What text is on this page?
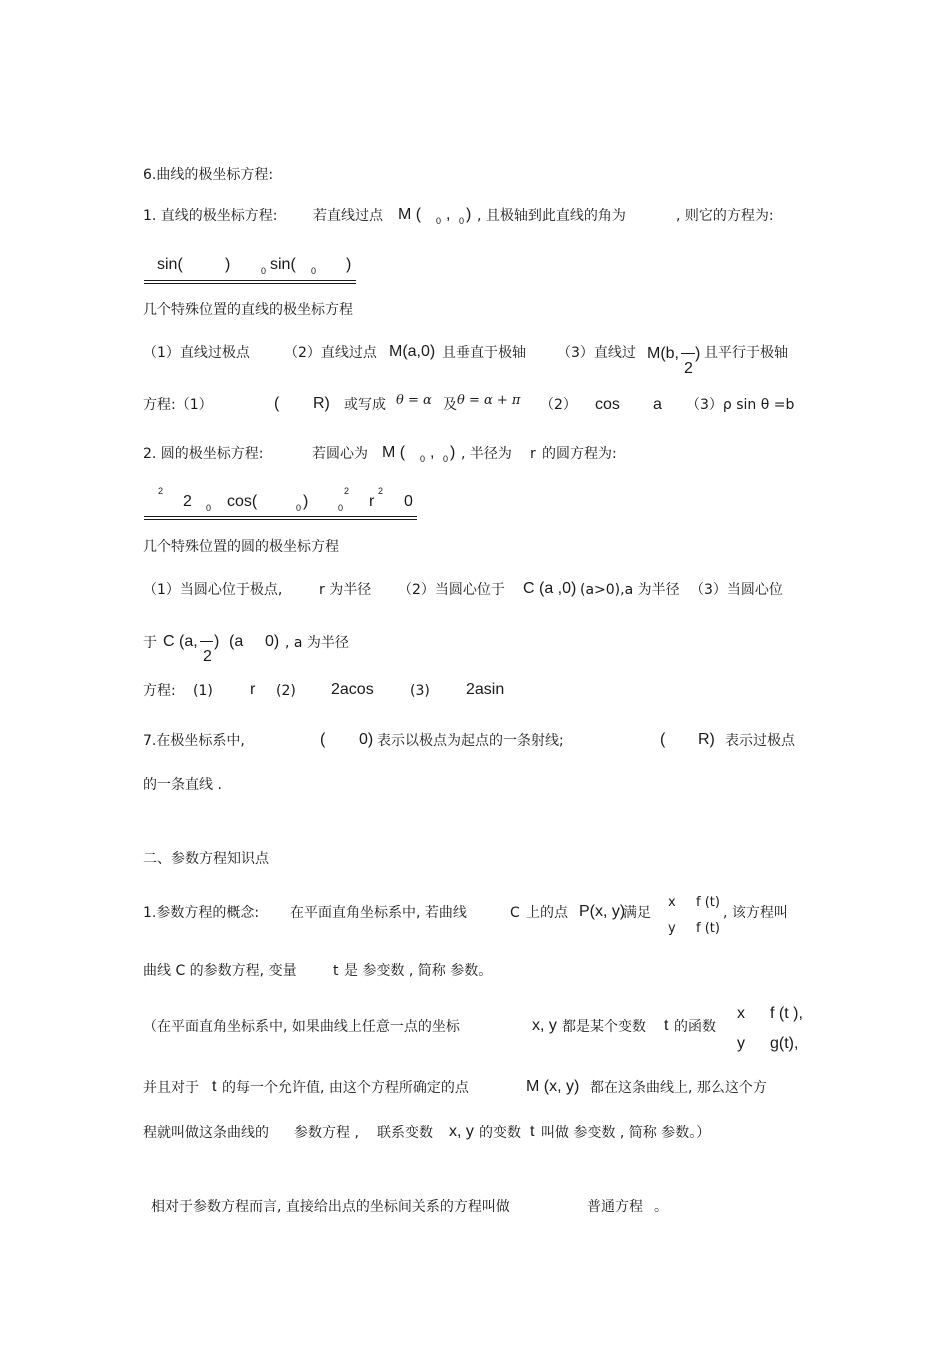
6.曲线的极坐标方程:
1. 直线的极坐标方程:	若直线过点 M ( 0 , 0 ) , 且极轴到此直线的角为	, 则它的方程为:
sin(	)	0 sin( 0 )
几个特殊位置的直线的极坐标方程
（1）直线过极点 （2）直线过点 M(a,0) 且垂直于极轴 （3）直线过 M(b,
2
) 且平行于极轴
方程:（1）	( R) 或写成 θ = α 及 θ = α + π （2） cos a （3）ρ sin θ =b
2. 圆的极坐标方程:	若圆心为 M ( 0 , 0 ) , 半径为 r 的圆方程为:
2
2 0 cos(	0 )
2
0 r
2
0
几个特殊位置的圆的极坐标方程
（1）当圆心位于极点,	r 为半径 （2）当圆心位于 C (a ,0) (a>0),a 为半径 （3）当圆心位
于 C (a,
2
) (a 0) , a 为半径
方程: (1) r (2) 2acos	(3) 2asin
7.在极坐标系中,	( 0) 表示以极点为起点的一条射线;	( R) 表示过极点
的一条直线 .
二、参数方程知识点
1.参数方程的概念: 在平面直角坐标系中, 若曲线	C 上的点 P(x, y)
满足
x f (t)
y f (t)
, 该方程叫
曲线 C 的参数方程, 变量	t 是 参变数 , 简称 参数。
（在平面直角坐标系中, 如果曲线上任意一点的坐标	x, y 都是某个变数 t 的函数
x f (t ),
y g(t),
并且对于 t 的每一个允许值, 由这个方程所确定的点	M (x, y) 都在这条曲线上, 那么这个方
程就叫做这条曲线的 参数方程 , 联系变数 x, y 的变数 t 叫做 参变数 , 简称 参数。）
相对于参数方程而言, 直接给出点的坐标间关系的方程叫做	普通方程 。
